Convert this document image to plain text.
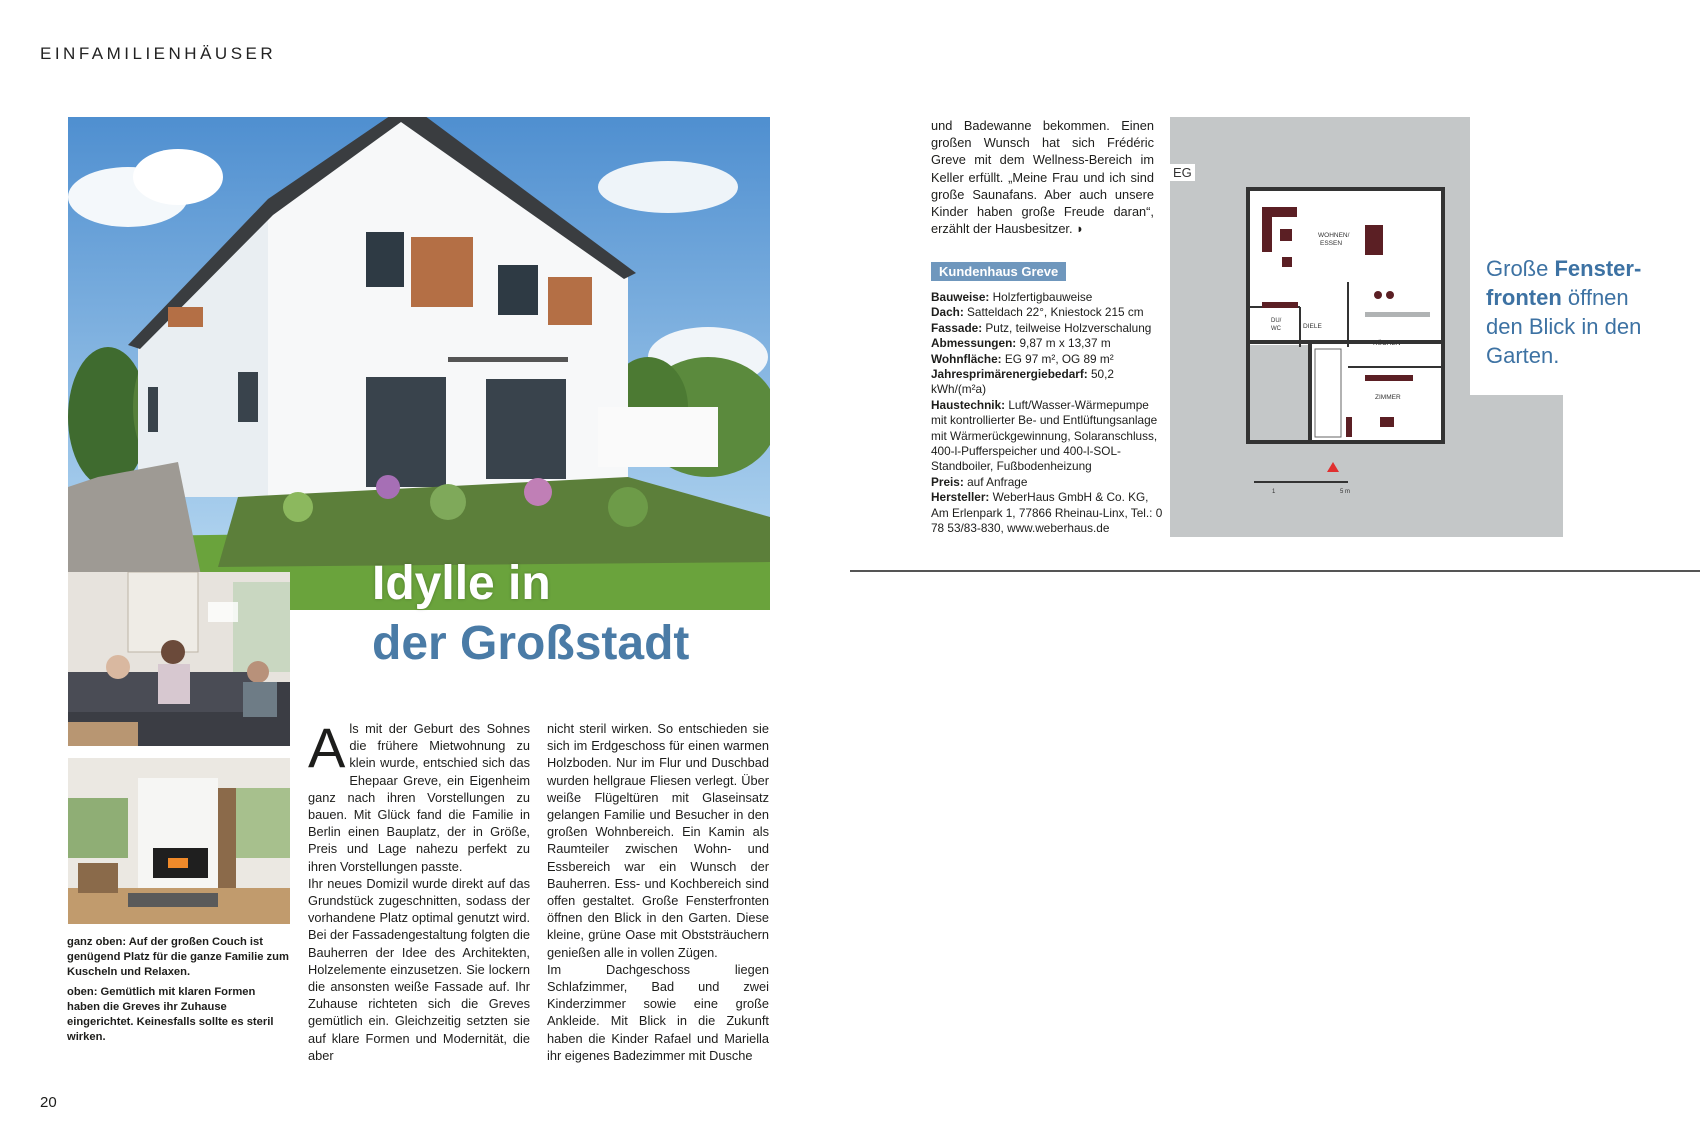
EINFAMILIENHÄUSER
Idylle in
der Großstadt
ganz oben: Auf der großen Couch ist genügend Platz für die ganze Familie zum Kuscheln und Relaxen.
oben: Gemütlich mit klaren Formen haben die Greves ihr Zuhause eingerichtet. Keinesfalls sollte es steril wirken.
A ls mit der Geburt des Sohnes die frühere Mietwohnung zu klein wurde, entschied sich das Ehepaar Greve, ein Eigenheim ganz nach ihren Vorstellungen zu bauen. Mit Glück fand die Familie in Berlin einen Bauplatz, der in Größe, Preis und Lage nahezu perfekt zu ihren Vorstellungen passte.
Ihr neues Domizil wurde direkt auf das Grundstück zugeschnitten, sodass der vorhandene Platz optimal genutzt wird. Bei der Fassadengestaltung folgten die Bauherren der Idee des Architekten, Holzelemente einzusetzen. Sie lockern die ansonsten weiße Fassade auf. Ihr Zuhause richteten sich die Greves gemütlich ein. Gleichzeitig setzten sie auf klare Formen und Modernität, die aber
nicht steril wirken. So entschieden sie sich im Erdgeschoss für einen warmen Holzboden. Nur im Flur und Duschbad wurden hellgraue Fliesen verlegt. Über weiße Flügeltüren mit Glaseinsatz gelangen Familie und Besucher in den großen Wohnbereich. Ein Kamin als Raumteiler zwischen Wohn- und Essbereich war ein Wunsch der Bauherren. Ess- und Kochbereich sind offen gestaltet. Große Fensterfronten öffnen den Blick in den Garten. Diese kleine, grüne Oase mit Obststräuchern genießen alle in vollen Zügen.
Im Dachgeschoss liegen Schlafzimmer, Bad und zwei Kinderzimmer sowie eine große Ankleide. Mit Blick in die Zukunft haben die Kinder Rafael und Mariella ihr eigenes Badezimmer mit Dusche
und Badewanne bekommen. Einen großen Wunsch hat sich Frédéric Greve mit dem Wellness-Bereich im Keller erfüllt. „Meine Frau und ich sind große Saunafans. Aber auch unsere Kinder haben große Freude daran“, erzählt der Hausbesitzer. ◗
Kundenhaus Greve
Bauweise: Holzfertigbauweise
Dach: Satteldach 22°, Kniestock 215 cm
Fassade: Putz, teilweise Holzverschalung
Abmessungen: 9,87 m x 13,37 m
Wohnfläche: EG 97 m², OG 89 m²
Jahresprimärenergiebedarf: 50,2 kWh/(m²a)
Haustechnik: Luft/Wasser-Wärmepumpe mit kontrollierter Be- und Entlüftungsanlage mit Wärmerückgewinnung, Solaranschluss, 400-l-Pufferspeicher und 400-l-SOL-Standboiler, Fußbodenheizung
Preis: auf Anfrage
Hersteller: WeberHaus GmbH & Co. KG, Am Erlenpark 1, 77866 Rheinau-Linx, Tel.: 0 78 53/83-830, www.weberhaus.de
WOHNEN/
ESSEN
DIELE
KÜCHEN
ZIMMER
DU/
WC
1	5 m
EG
Große Fensterfronten öffnen den Blick in den Garten.
20
